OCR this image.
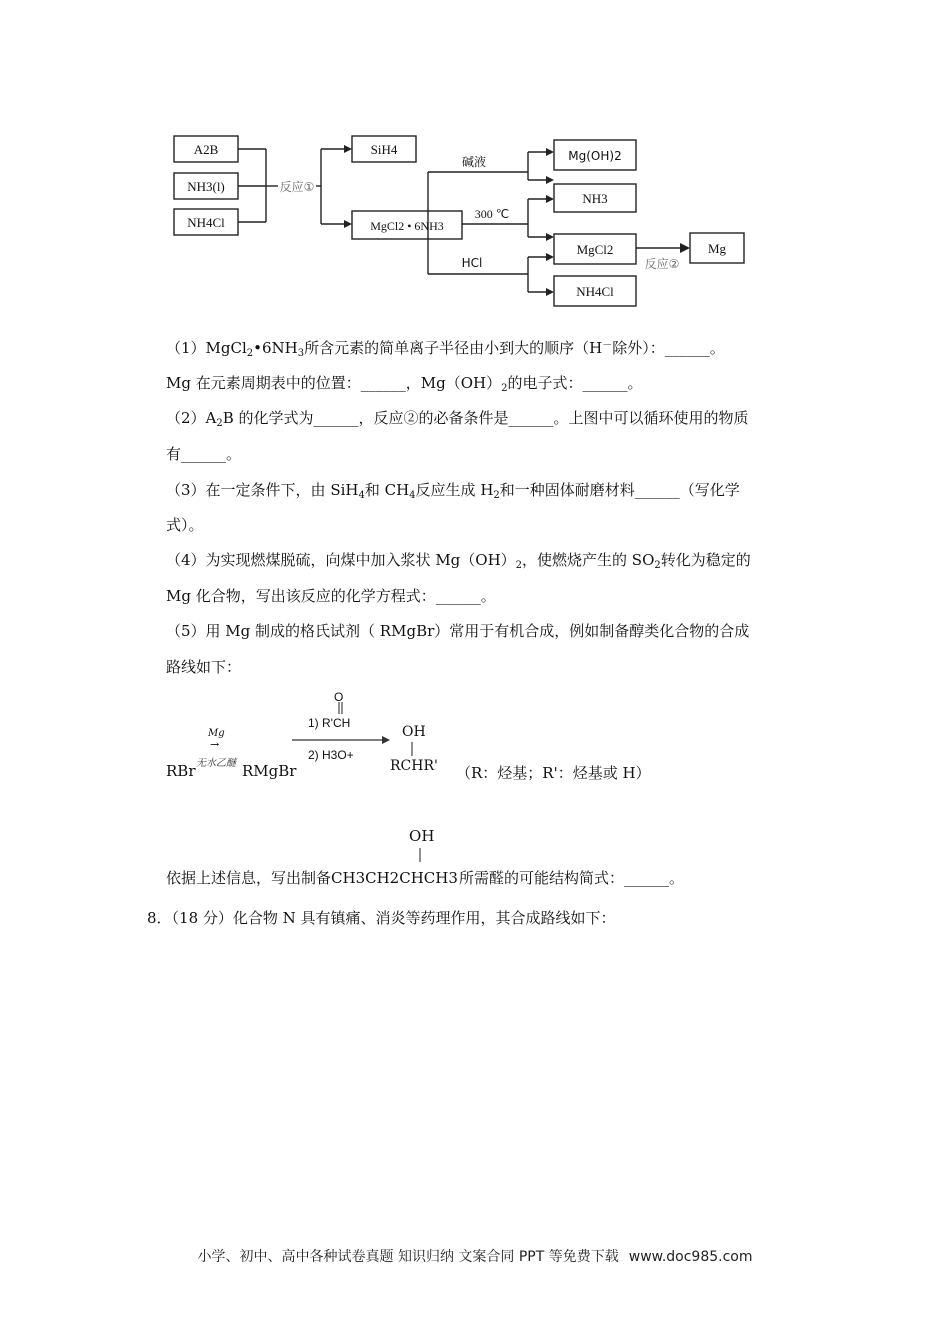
A2B
NH3(l)
NH4Cl
反应①
SiH4
MgCl2 • 6NH3
碱液
300 ℃
HCl
Mg(OH)2
NH3
MgCl2
NH4Cl
反应②
Mg
$(1)MgCl_2•6NH_3$所含元素的简单离子半径由小到大的顺序（H－除外）：______。
Mg 在元素周期表中的位置：______，$Mg(OH)_2$的电子式：______。
$(2)A_2B$ 的化学式为______，反应②的必备条件是______。上图中可以循环使用的物质
有______。
（3）在一定条件下，由 SiH$_4$和 $CH_4$反应生成 $H_2$和一种固体耐磨材料______（写化学
式）。
（4）为实现燃煤脱硫，向煤中加入浆状 $Mg(OH)_2$，使燃烧产生的 $SO_2$转化为稳定的
Mg 化合物，写出该反应的化学方程式：______。
（5）用 Mg 制成的格氏试剂（ RMgBr）常用于有机合成，例如制备醇类化合物的合成
路线如下：
RBr
Mg
→
无水乙醚 RMgBr
O
1) R'CH
2) H3O+
OH
RCHR' （R：烃基；R'：烃基或 H）
依据上述信息，写出制备
OH
CH3CH2CHCH3所需醛的可能结构简式：______。
8．（18 分）化合物 N 具有镇痛、消炎等药理作用，其合成路线如下：
小学、初中、高中各种试卷真题 知识归纳 文案合同 PPT 等免费下载 www.doc985.com
